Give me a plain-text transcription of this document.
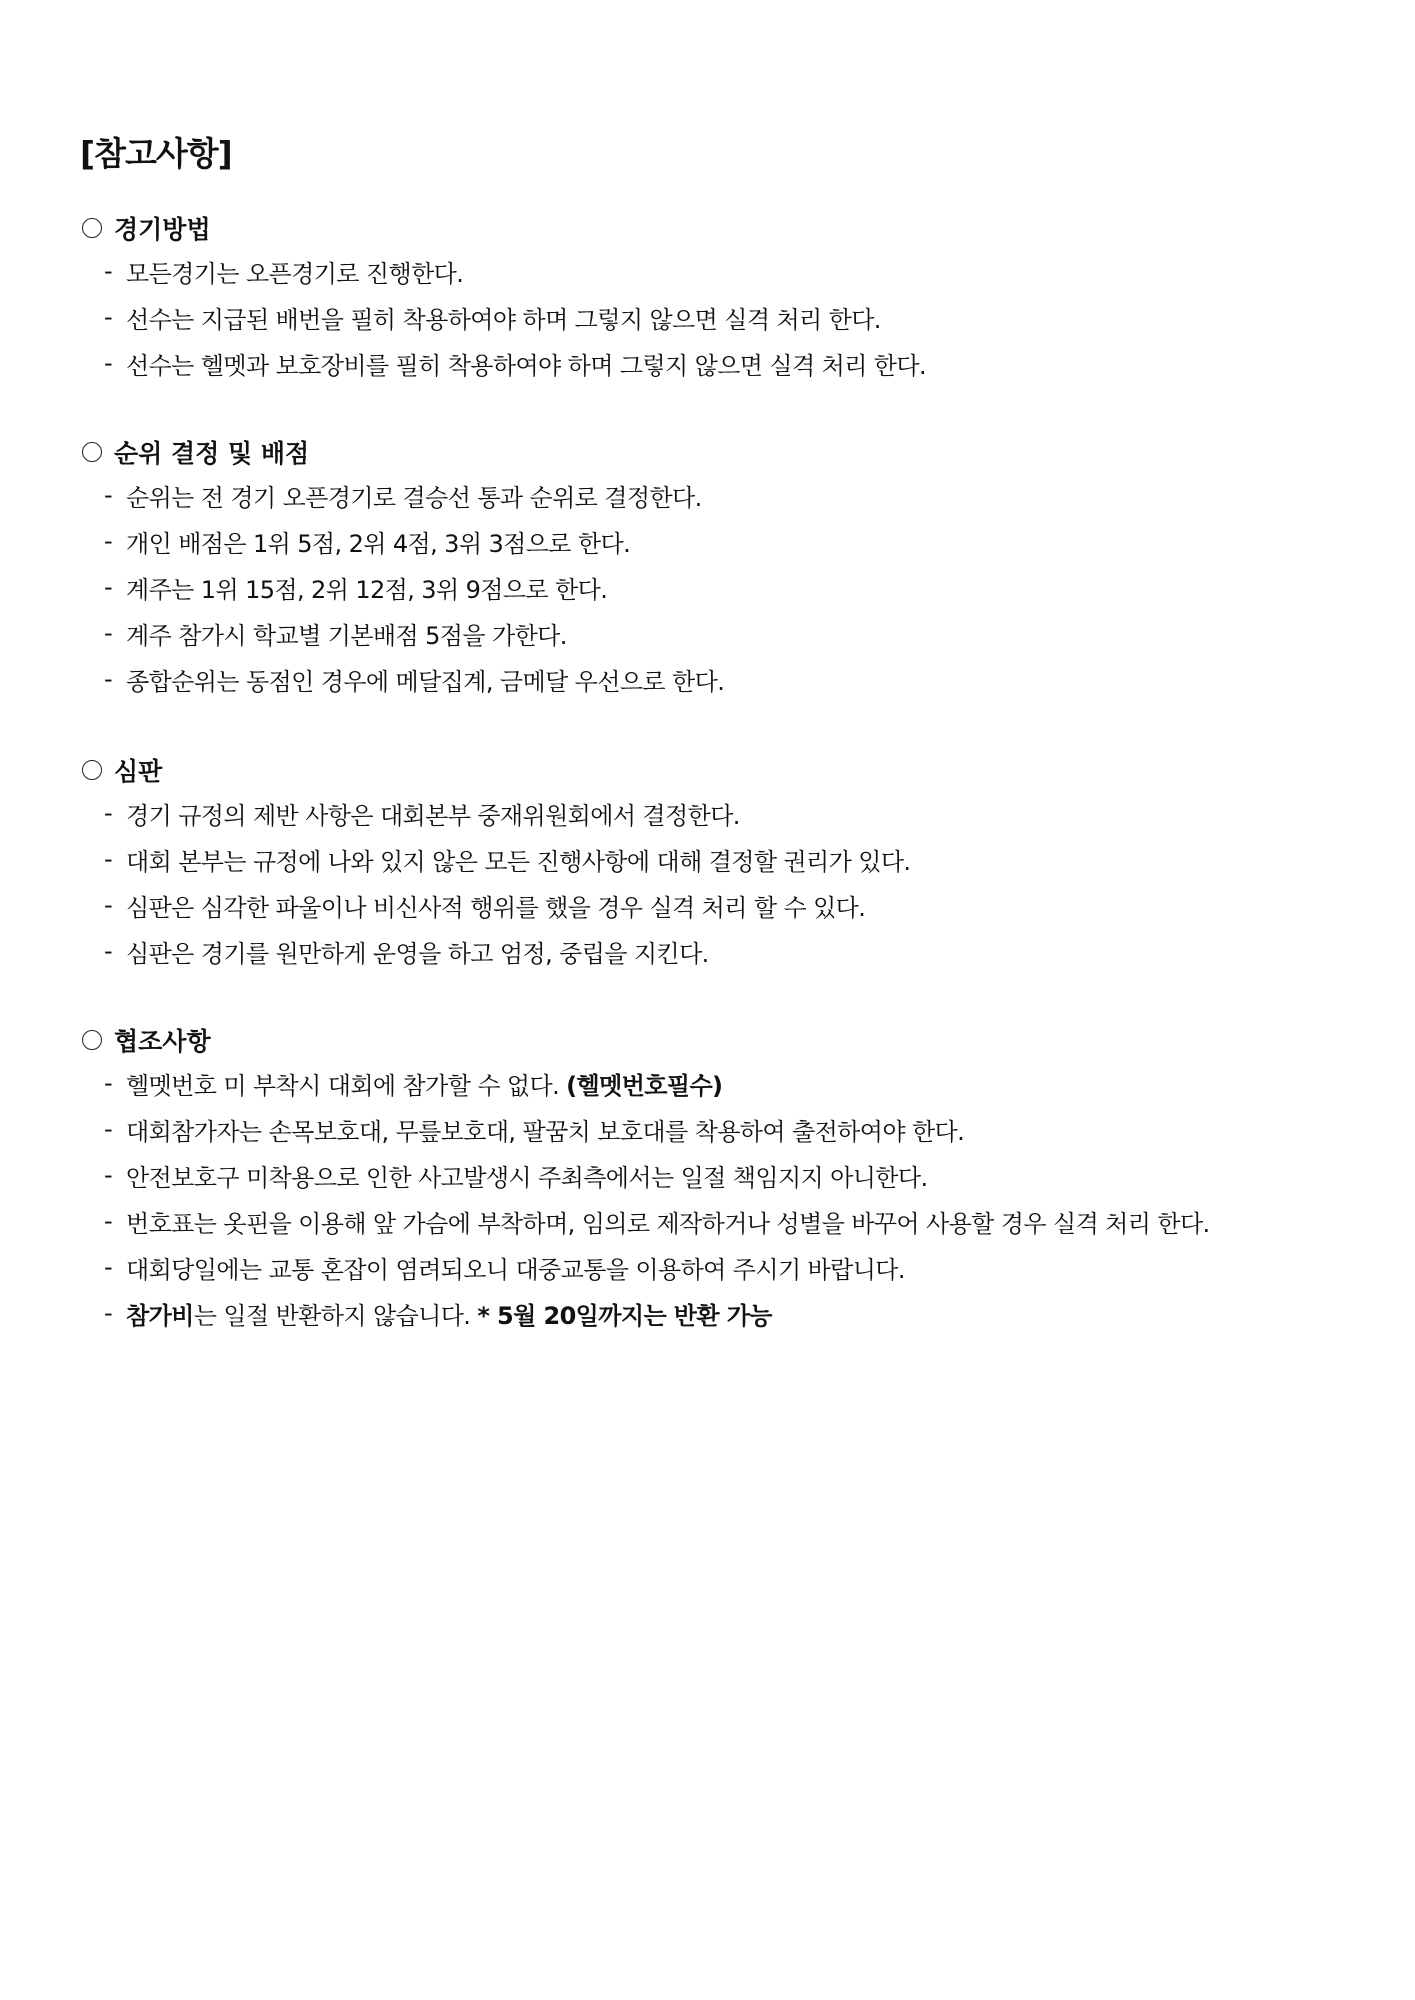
[참고사항]
경기방법
- 모든경기는 오픈경기로 진행한다.
- 선수는 지급된 배번을 필히 착용하여야 하며 그렇지 않으면 실격 처리 한다.
- 선수는 헬멧과 보호장비를 필히 착용하여야 하며 그렇지 않으면 실격 처리 한다.
순위 결정 및 배점
- 순위는 전 경기 오픈경기로 결승선 통과 순위로 결정한다.
- 개인 배점은 1위 5점, 2위 4점, 3위 3점으로 한다.
- 계주는 1위 15점, 2위 12점, 3위 9점으로 한다.
- 계주 참가시 학교별 기본배점 5점을 가한다.
- 종합순위는 동점인 경우에 메달집계, 금메달 우선으로 한다.
심판
- 경기 규정의 제반 사항은 대회본부 중재위원회에서 결정한다.
- 대회 본부는 규정에 나와 있지 않은 모든 진행사항에 대해 결정할 권리가 있다.
- 심판은 심각한 파울이나 비신사적 행위를 했을 경우 실격 처리 할 수 있다.
- 심판은 경기를 원만하게 운영을 하고 엄정, 중립을 지킨다.
협조사항
- 헬멧번호 미 부착시 대회에 참가할 수 없다. (헬멧번호필수)
- 대회참가자는 손목보호대, 무릎보호대, 팔꿈치 보호대를 착용하여 출전하여야 한다.
- 안전보호구 미착용으로 인한 사고발생시 주최측에서는 일절 책임지지 아니한다.
- 번호표는 옷핀을 이용해 앞 가슴에 부착하며, 임의로 제작하거나 성별을 바꾸어 사용할 경우 실격 처리 한다.
- 대회당일에는 교통 혼잡이 염려되오니 대중교통을 이용하여 주시기 바랍니다.
- 참가비는 일절 반환하지 않습니다. * 5월 20일까지는 반환 가능
